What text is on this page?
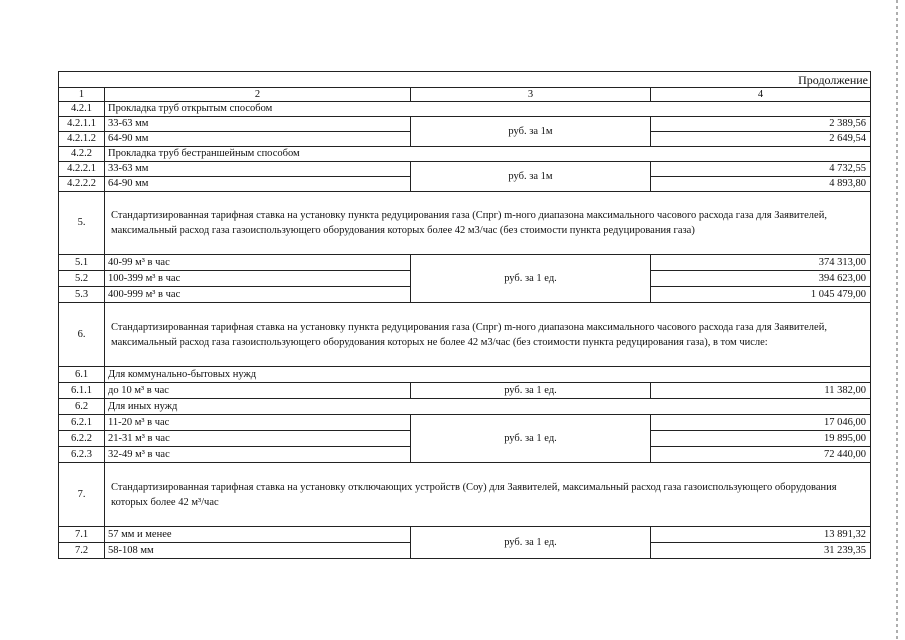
Продолжение			
1	2	3	4
4.2.1	Прокладка труб открытым способом		
4.2.1.1	33-63 мм	руб. за 1м	2 389,56
4.2.1.2	64-90 мм		2 649,54
4.2.2	Прокладка труб бестраншейным способом		
4.2.2.1	33-63 мм	руб. за 1м	4 732,55
4.2.2.2	64-90 мм		4 893,80
5.	Стандартизированная тарифная ставка на установку пункта редуцирования газа (Спрг) m-ного диапазона максимального часового расхода газа для Заявителей, максимальный расход газа газоиспользующего оборудования которых более 42 м3/час (без стоимости пункта редуцирования газа)		
5.1	40-99 м³ в час	руб. за 1 ед.	374 313,00
5.2	100-399 м³ в час		394 623,00
5.3	400-999 м³ в час		1 045 479,00
6.	Стандартизированная тарифная ставка на установку пункта редуцирования газа (Спрг) m-ного диапазона максимального часового расхода газа для Заявителей, максимальный расход газа газоиспользующего оборудования которых не более 42 м3/час (без стоимости пункта редуцирования газа), в том числе:		
6.1	Для коммунально-бытовых нужд		
6.1.1	до 10 м³ в час	руб. за 1 ед.	11 382,00
6.2	Для иных нужд		
6.2.1	11-20 м³ в час	руб. за 1 ед.	17 046,00
6.2.2	21-31 м³ в час		19 895,00
6.2.3	32-49 м³ в час		72 440,00
7.	Стандартизированная тарифная ставка на установку отключающих устройств (Соу) для Заявителей, максимальный расход газа газоиспользующего оборудования которых более 42 м³/час		
7.1	57 мм и менее	руб. за 1 ед.	13 891,32
7.2	58-108 мм		31 239,35
